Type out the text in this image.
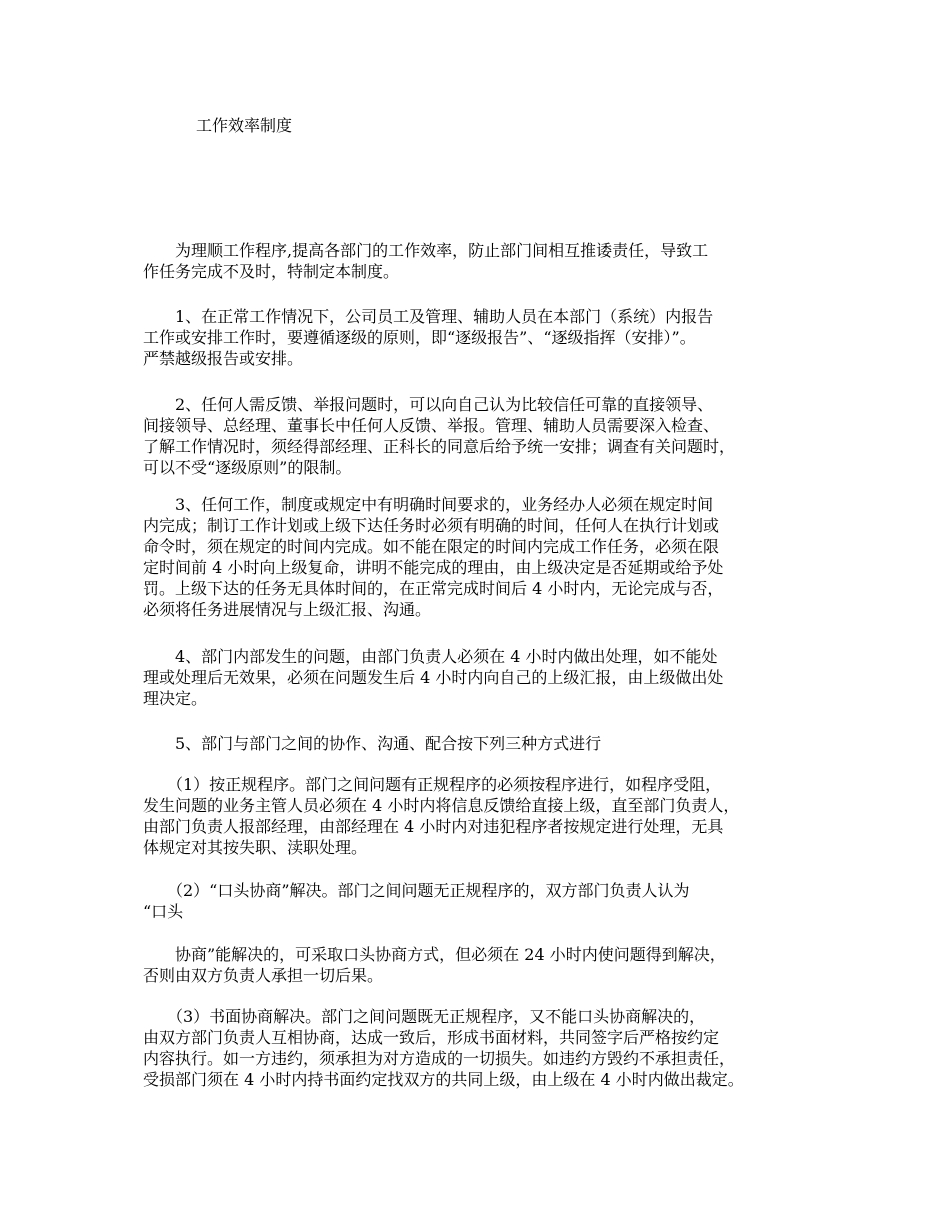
工作效率制度

　　为理顺工作程序,提高各部门的工作效率，防止部门间相互推诿责任，导致工
作任务完成不及时，特制定本制度。

　　1、在正常工作情况下，公司员工及管理、辅助人员在本部门（系统）内报告
工作或安排工作时，要遵循逐级的原则，即“逐级报告”、“逐级指挥（安排）”。
严禁越级报告或安排。

　　2、任何人需反馈、举报问题时，可以向自己认为比较信任可靠的直接领导、
间接领导、总经理、董事长中任何人反馈、举报。管理、辅助人员需要深入检查、
了解工作情况时，须经得部经理、正科长的同意后给予统一安排；调查有关问题时，
可以不受“逐级原则”的限制。

　　3、任何工作，制度或规定中有明确时间要求的，业务经办人必须在规定时间
内完成；制订工作计划或上级下达任务时必须有明确的时间，任何人在执行计划或
命令时，须在规定的时间内完成。如不能在限定的时间内完成工作任务，必须在限
定时间前 4 小时向上级复命，讲明不能完成的理由，由上级决定是否延期或给予处
罚。上级下达的任务无具体时间的，在正常完成时间后 4 小时内，无论完成与否，
必须将任务进展情况与上级汇报、沟通。

　　4、部门内部发生的问题，由部门负责人必须在 4 小时内做出处理，如不能处
理或处理后无效果，必须在问题发生后 4 小时内向自己的上级汇报，由上级做出处
理决定。

　　5、部门与部门之间的协作、沟通、配合按下列三种方式进行

　　（1）按正规程序。部门之间问题有正规程序的必须按程序进行，如程序受阻，
发生问题的业务主管人员必须在 4 小时内将信息反馈给直接上级，直至部门负责人，
由部门负责人报部经理，由部经理在 4 小时内对违犯程序者按规定进行处理，无具
体规定对其按失职、渎职处理。

　　（2）“口头协商”解决。部门之间问题无正规程序的，双方部门负责人认为
“口头

　　协商”能解决的，可采取口头协商方式，但必须在 24 小时内使问题得到解决，
否则由双方负责人承担一切后果。

　　（3）书面协商解决。部门之间问题既无正规程序，又不能口头协商解决的，
由双方部门负责人互相协商，达成一致后，形成书面材料，共同签字后严格按约定
内容执行。如一方违约，须承担为对方造成的一切损失。如违约方毁约不承担责任，
受损部门须在 4 小时内持书面约定找双方的共同上级，由上级在 4 小时内做出裁定。
